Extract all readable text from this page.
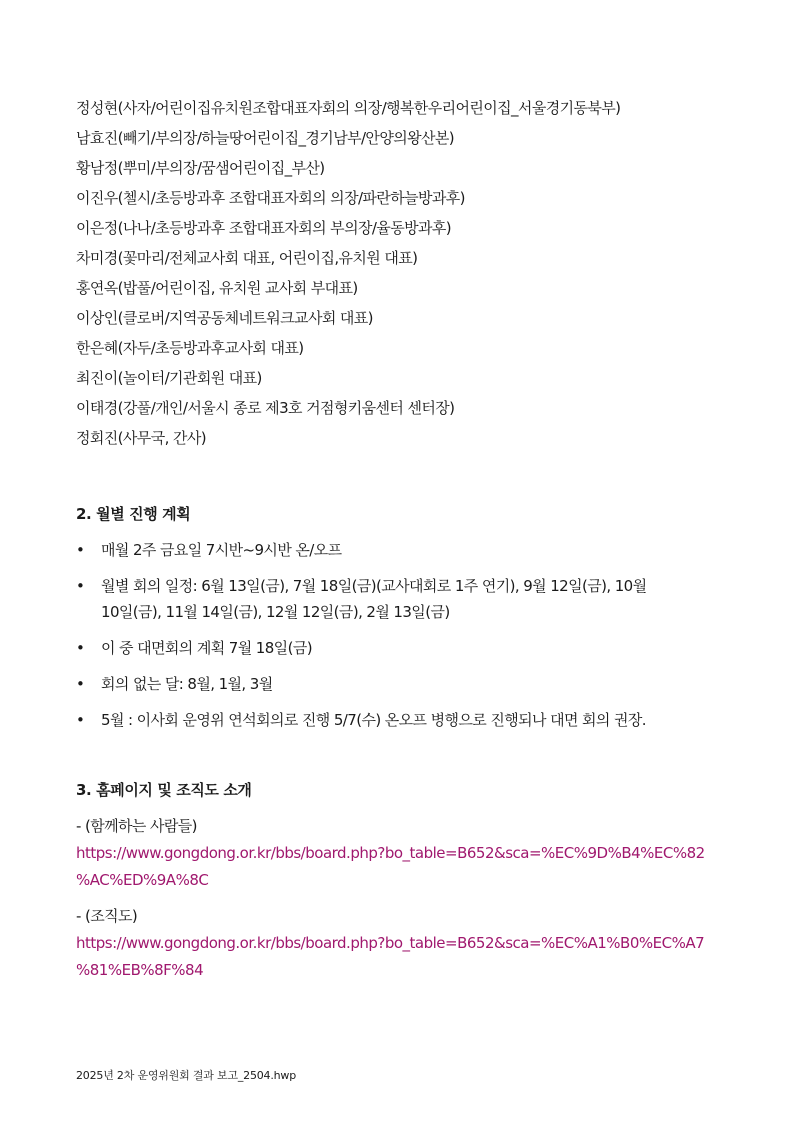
정성현(사자/어린이집유치원조합대표자회의 의장/행복한우리어린이집_서울경기동북부)
남효진(빼기/부의장/하늘땅어린이집_경기남부/안양의왕산본)
황남정(뿌미/부의장/꿈샘어린이집_부산)
이진우(첼시/초등방과후 조합대표자회의 의장/파란하늘방과후)
이은정(나나/초등방과후 조합대표자회의 부의장/율동방과후)
차미경(꽃마리/전체교사회 대표, 어린이집,유치원 대표)
홍연옥(밥풀/어린이집, 유치원 교사회 부대표)
이상인(클로버/지역공동체네트워크교사회 대표)
한은혜(자두/초등방과후교사회 대표)
최진이(놀이터/기관회원 대표)
이태경(강풀/개인/서울시 종로 제3호 거점형키움센터 센터장)
정회진(사무국, 간사)
2. 월별 진행 계획
• 매월 2주 금요일 7시반~9시반 온/오프
• 월별 회의 일정: 6월 13일(금), 7월 18일(금)(교사대회로 1주 연기), 9월 12일(금), 10월
10일(금), 11월 14일(금), 12월 12일(금), 2월 13일(금)
• 이 중 대면회의 계획 7월 18일(금)
• 회의 없는 달: 8월, 1월, 3월
• 5월 : 이사회 운영위 연석회의로 진행 5/7(수) 온오프 병행으로 진행되나 대면 회의 권장.
3. 홈페이지 및 조직도 소개
- (함께하는 사람들)
https://www.gongdong.or.kr/bbs/board.php?bo_table=B652&sca=%EC%9D%B4%EC%82
%AC%ED%9A%8C
- (조직도)
https://www.gongdong.or.kr/bbs/board.php?bo_table=B652&sca=%EC%A1%B0%EC%A7
%81%EB%8F%84
2025년 2차 운영위원회 결과 보고_2504.hwp
